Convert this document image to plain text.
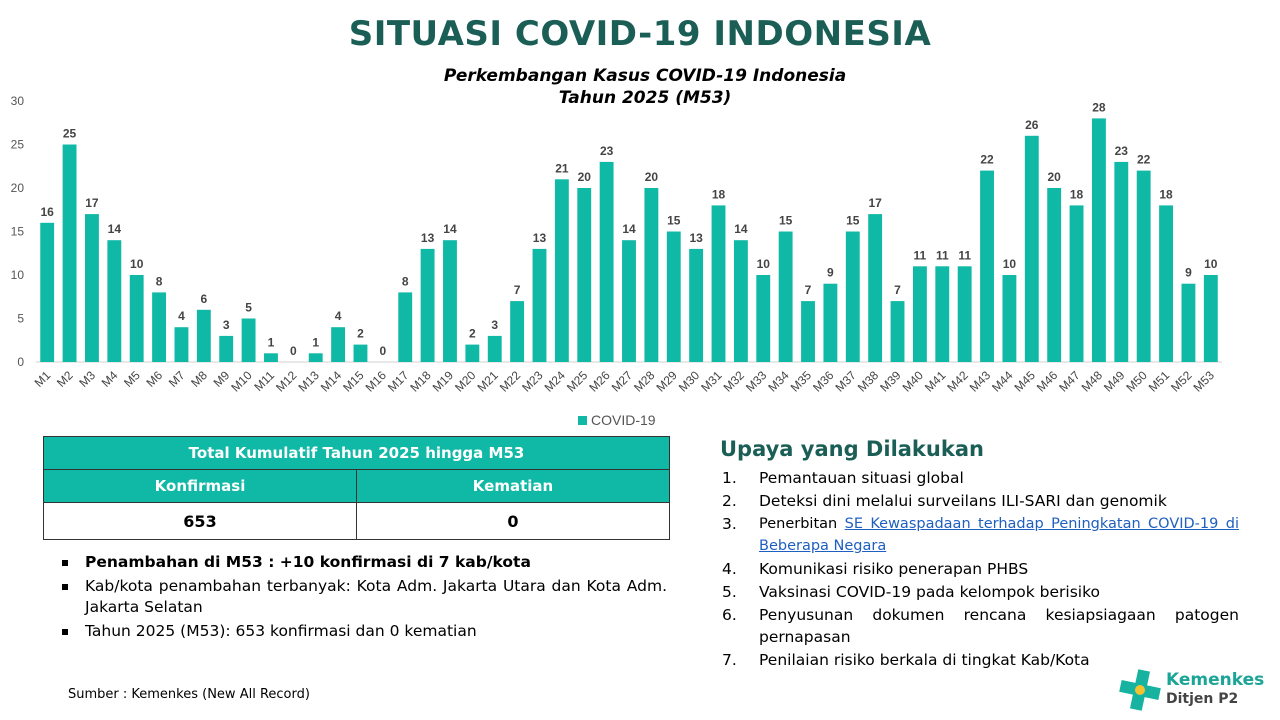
SITUASI COVID-19 INDONESIA
Perkembangan Kasus COVID-19 Indonesia
Tahun 2025 (M53)
0
5
10
15
20
25
30
16
M1
25
M2
17
M3
14
M4
10
M5
8
M6
4
M7
6
M8
3
M9
5
M10
1
M11
0
M12
1
M13
4
M14
2
M15
0
M16
8
M17
13
M18
14
M19
2
M20
3
M21
7
M22
13
M23
21
M24
20
M25
23
M26
14
M27
20
M28
15
M29
13
M30
18
M31
14
M32
10
M33
15
M34
7
M35
9
M36
15
M37
17
M38
7
M39
11
M40
11
M41
11
M42
22
M43
10
M44
26
M45
20
M46
18
M47
28
M48
23
M49
22
M50
18
M51
9
M52
10
M53
COVID-19
Total Kumulatif Tahun 2025 hingga M53	
Konfirmasi	Kematian
653	0
Penambahan di M53 : +10 konfirmasi di 7 kab/kota
Kab/kota penambahan terbanyak: Kota Adm. Jakarta Utara dan Kota Adm. Jakarta Selatan
Tahun 2025 (M53): 653 konfirmasi dan 0 kematian
Upaya yang Dilakukan
1.	Pemantauan situasi global
2.	Deteksi dini melalui surveilans ILI-SARI dan genomik
3.	Penerbitan SE Kewaspadaan terhadap Peningkatan COVID-19 di Beberapa Negara
4.	Komunikasi risiko penerapan PHBS
5.	Vaksinasi COVID-19 pada kelompok berisiko
6.	Penyusunan dokumen rencana kesiapsiagaan patogen pernapasan
7.	Penilaian risiko berkala di tingkat Kab/Kota
Sumber : Kemenkes (New All Record)
Kemenkes
Ditjen P2
